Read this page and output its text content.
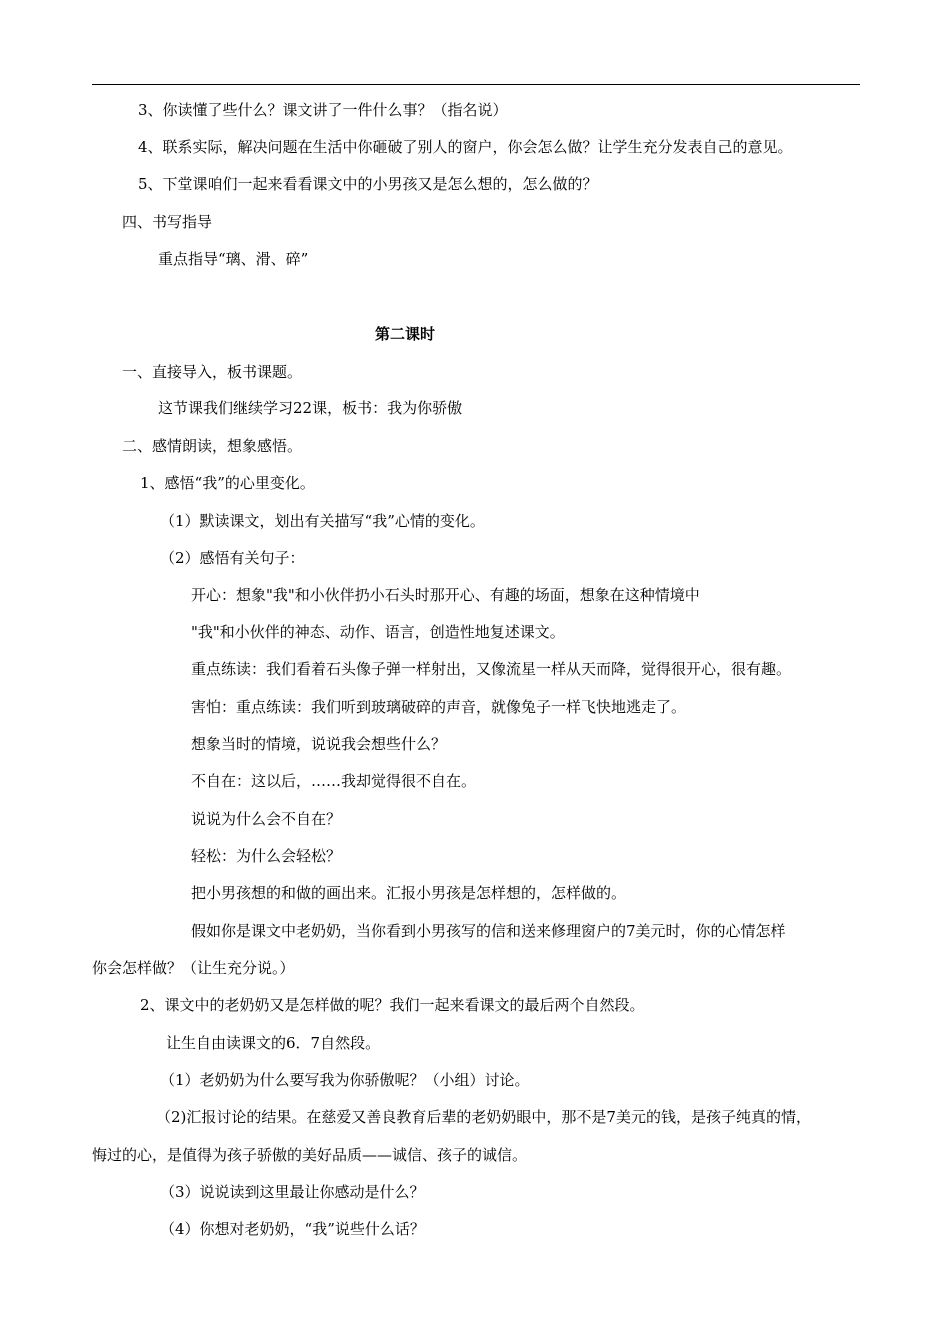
3、你读懂了些什么？课文讲了一件什么事？（指名说）
4、联系实际，解决问题在生活中你砸破了别人的窗户，你会怎么做？让学生充分发表自己的意见。
5、下堂课咱们一起来看看课文中的小男孩又是怎么想的，怎么做的？
四、书写指导
重点指导“璃、滑、碎”
第二课时
一、直接导入，板书课题。
这节课我们继续学习22课，板书：我为你骄傲
二、感情朗读，想象感悟。
1、感悟“我”的心里变化。
（1）默读课文，划出有关描写“我”心情的变化。
（2）感悟有关句子：
开心：想象"我"和小伙伴扔小石头时那开心、有趣的场面，想象在这种情境中
"我"和小伙伴的神态、动作、语言，创造性地复述课文。
重点练读：我们看着石头像子弹一样射出，又像流星一样从天而降，觉得很开心，很有趣。
害怕：重点练读：我们听到玻璃破碎的声音，就像兔子一样飞快地逃走了。
想象当时的情境，说说我会想些什么？
不自在：这以后，……我却觉得很不自在。
说说为什么会不自在？
轻松：为什么会轻松？
把小男孩想的和做的画出来。汇报小男孩是怎样想的，怎样做的。
假如你是课文中老奶奶，当你看到小男孩写的信和送来修理窗户的7美元时，你的心情怎样
你会怎样做？（让生充分说。）
2、课文中的老奶奶又是怎样做的呢？我们一起来看课文的最后两个自然段。
让生自由读课文的6．7自然段。
（1）老奶奶为什么要写我为你骄傲呢？（小组）讨论。
（2)汇报讨论的结果。在慈爱又善良教育后辈的老奶奶眼中，那不是7美元的钱，是孩子纯真的情，
悔过的心，是值得为孩子骄傲的美好品质——诚信、孩子的诚信。
（3）说说读到这里最让你感动是什么？
（4）你想对老奶奶，“我”说些什么话？
